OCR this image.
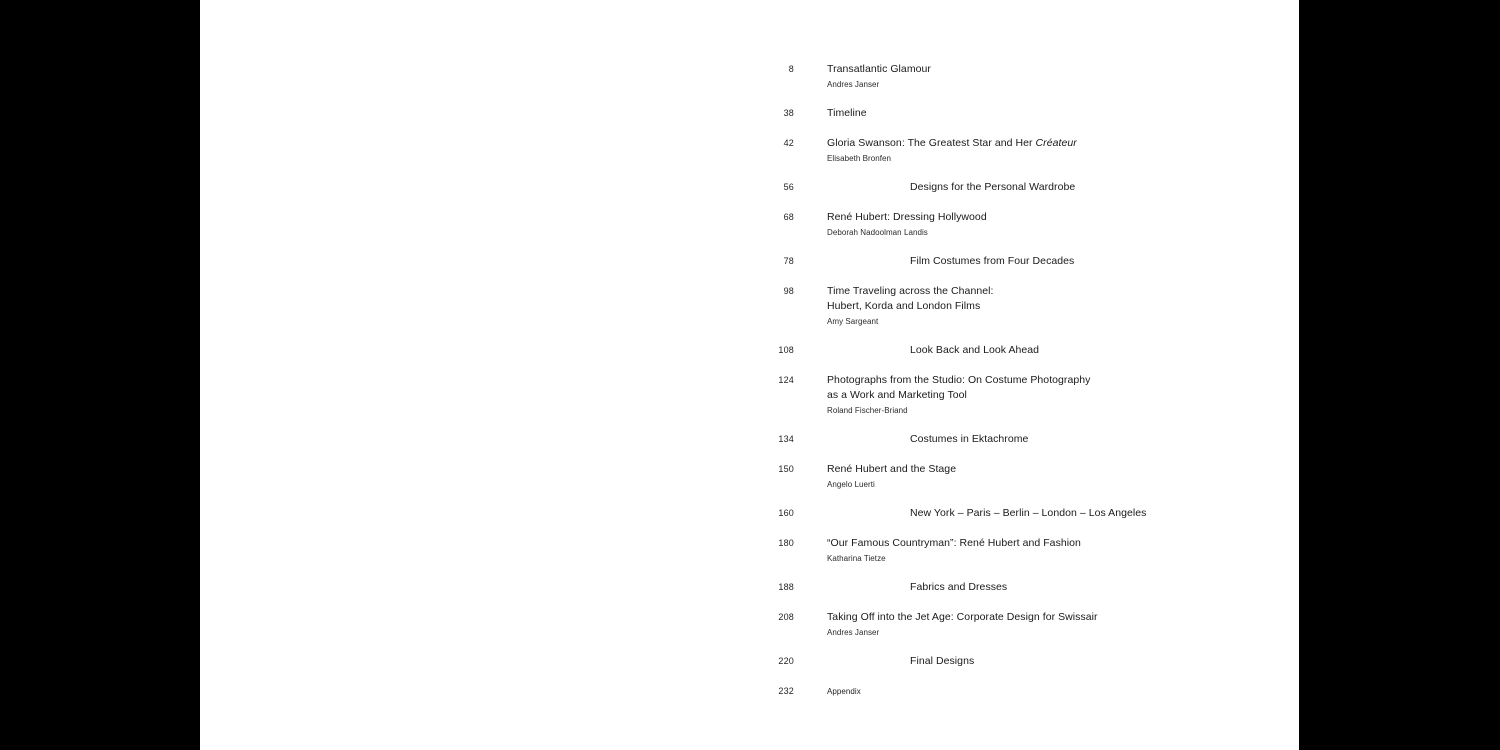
8	Transatlantic Glamour
Andres Janser
38	Timeline
42	Gloria Swanson: The Greatest Star and Her Créateur
Elisabeth Bronfen
56	Designs for the Personal Wardrobe
68	René Hubert: Dressing Hollywood
Deborah Nadoolman Landis
78	Film Costumes from Four Decades
98	Time Traveling across the Channel:
Hubert, Korda and London Films
Amy Sargeant
108	Look Back and Look Ahead
124	Photographs from the Studio: On Costume Photography
as a Work and Marketing Tool
Roland Fischer-Briand
134	Costumes in Ektachrome
150	René Hubert and the Stage
Angelo Luerti
160	New York – Paris – Berlin – London – Los Angeles
180	“Our Famous Countryman”: René Hubert and Fashion
Katharina Tietze
188	Fabrics and Dresses
208	Taking Off into the Jet Age: Corporate Design for Swissair
Andres Janser
220	Final Designs
232	Appendix
